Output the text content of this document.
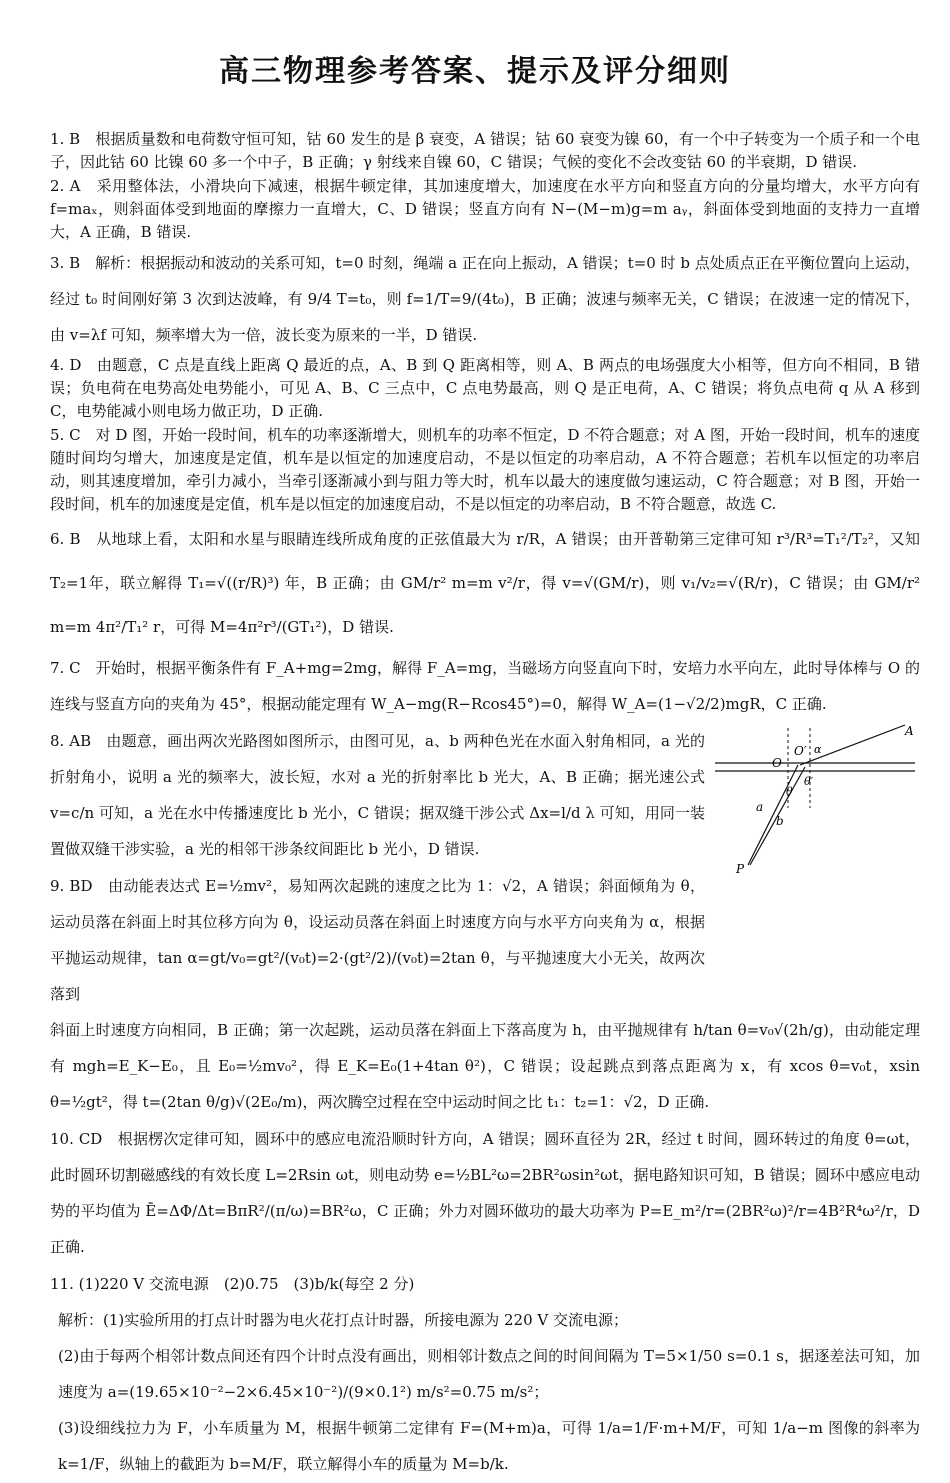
高三物理参考答案、提示及评分细则

1. B　根据质量数和电荷数守恒可知，钴 60 发生的是 β 衰变，A 错误；钴 60 衰变为镍 60，有一个中子转变为一个质子和一个电子，因此钴 60 比镍 60 多一个中子，B 正确；γ 射线来自镍 60，C 错误；气候的变化不会改变钴 60 的半衰期，D 错误.

2. A　采用整体法，小滑块向下减速，根据牛顿定律，其加速度增大，加速度在水平方向和竖直方向的分量均增大，水平方向有 f=maₓ，则斜面体受到地面的摩擦力一直增大，C、D 错误；竖直方向有 N−(M−m)g=m aᵧ，斜面体受到地面的支持力一直增大，A 正确，B 错误.

3. B　解析：根据振动和波动的关系可知，t=0 时刻，绳端 a 正在向上振动，A 错误；t=0 时 b 点处质点正在平衡位置向上运动，经过 t₀ 时间刚好第 3 次到达波峰，有 9/4 T=t₀，则 f=1/T=9/(4t₀)，B 正确；波速与频率无关，C 错误；在波速一定的情况下，由 v=λf 可知，频率增大为一倍，波长变为原来的一半，D 错误.

4. D　由题意，C 点是直线上距离 Q 最近的点，A、B 到 Q 距离相等，则 A、B 两点的电场强度大小相等，但方向不相同，B 错误；负电荷在电势高处电势能小，可见 A、B、C 三点中，C 点电势最高，则 Q 是正电荷，A、C 错误；将负点电荷 q 从 A 移到 C，电势能减小则电场力做正功，D 正确.

5. C　对 D 图，开始一段时间，机车的功率逐渐增大，则机车的功率不恒定，D 不符合题意；对 A 图，开始一段时间，机车的速度随时间均匀增大，加速度是定值，机车是以恒定的加速度启动，不是以恒定的功率启动，A 不符合题意；若机车以恒定的功率启动，则其速度增加，牵引力减小，当牵引逐渐减小到与阻力等大时，机车以最大的速度做匀速运动，C 符合题意；对 B 图，开始一段时间，机车的加速度是定值，机车是以恒定的加速度启动，不是以恒定的功率启动，B 不符合题意，故选 C.

6. B　从地球上看，太阳和水星与眼睛连线所成角度的正弦值最大为 r/R，A 错误；由开普勒第三定律可知 r³/R³=T₁²/T₂²，又知 T₂=1年，联立解得 T₁=√((r/R)³) 年，B 正确；由 GM/r² m=m v²/r，得 v=√(GM/r)，则 v₁/v₂=√(R/r)，C 错误；由 GM/r² m=m 4π²/T₁² r，可得 M=4π²r³/(GT₁²)，D 错误.

7. C　开始时，根据平衡条件有 F_A+mg=2mg，解得 F_A=mg，当磁场方向竖直向下时，安培力水平向左，此时导体棒与 O 的连线与竖直方向的夹角为 45°，根据动能定理有 W_A−mg(R−Rcos45°)=0，解得 W_A=(1−√2/2)mgR，C 正确.

8. AB　由题意，画出两次光路图如图所示，由图可见，a、b 两种色光在水面入射角相同，a 光的折射角小，说明 a 光的频率大，波长短，水对 a 光的折射率比 b 光大，A、B 正确；据光速公式 v=c/n 可知，a 光在水中传播速度比 b 光小，C 错误；据双缝干涉公式 Δx=l/d λ 可知，用同一装置做双缝干涉实验，a 光的相邻干涉条纹间距比 b 光小，D 错误.
A
O′ α
O
θ′
θ
a
b
P
9. BD　由动能表达式 E=½mv²，易知两次起跳的速度之比为 1：√2，A 错误；斜面倾角为 θ，运动员落在斜面上时其位移方向为 θ，设运动员落在斜面上时速度方向与水平方向夹角为 α，根据平抛运动规律，tan α=gt/v₀=gt²/(v₀t)=2·(gt²/2)/(v₀t)=2tan θ，与平抛速度大小无关，故两次落到
斜面上时速度方向相同，B 正确；第一次起跳，运动员落在斜面上下落高度为 h，由平抛规律有 h/tan θ=v₀√(2h/g)，由动能定理有 mgh=E_K−E₀，且 E₀=½mv₀²，得 E_K=E₀(1+4tan θ²)，C 错误；设起跳点到落点距离为 x，有 xcos θ=v₀t，xsin θ=½gt²，得 t=(2tan θ/g)√(2E₀/m)，两次腾空过程在空中运动时间之比 t₁：t₂=1：√2，D 正确.

10. CD　根据楞次定律可知，圆环中的感应电流沿顺时针方向，A 错误；圆环直径为 2R，经过 t 时间，圆环转过的角度 θ=ωt，此时圆环切割磁感线的有效长度 L=2Rsin ωt，则电动势 e=½BL²ω=2BR²ωsin²ωt，据电路知识可知，B 错误；圆环中感应电动势的平均值为 Ē=ΔΦ/Δt=BπR²/(π/ω)=BR²ω，C 正确；外力对圆环做功的最大功率为 P=E_m²/r=(2BR²ω)²/r=4B²R⁴ω²/r，D 正确.

11. (1)220 V 交流电源　(2)0.75　(3)b/k(每空 2 分)
解析：(1)实验所用的打点计时器为电火花打点计时器，所接电源为 220 V 交流电源；
(2)由于每两个相邻计数点间还有四个计时点没有画出，则相邻计数点之间的时间间隔为 T=5×1/50 s=0.1 s，据逐差法可知，加速度为 a=(19.65×10⁻²−2×6.45×10⁻²)/(9×0.1²) m/s²=0.75 m/s²；
(3)设细线拉力为 F，小车质量为 M，根据牛顿第二定律有 F=(M+m)a，可得 1/a=1/F·m+M/F，可知 1/a−m 图像的斜率为 k=1/F，纵轴上的截距为 b=M/F，联立解得小车的质量为 M=b/k.
